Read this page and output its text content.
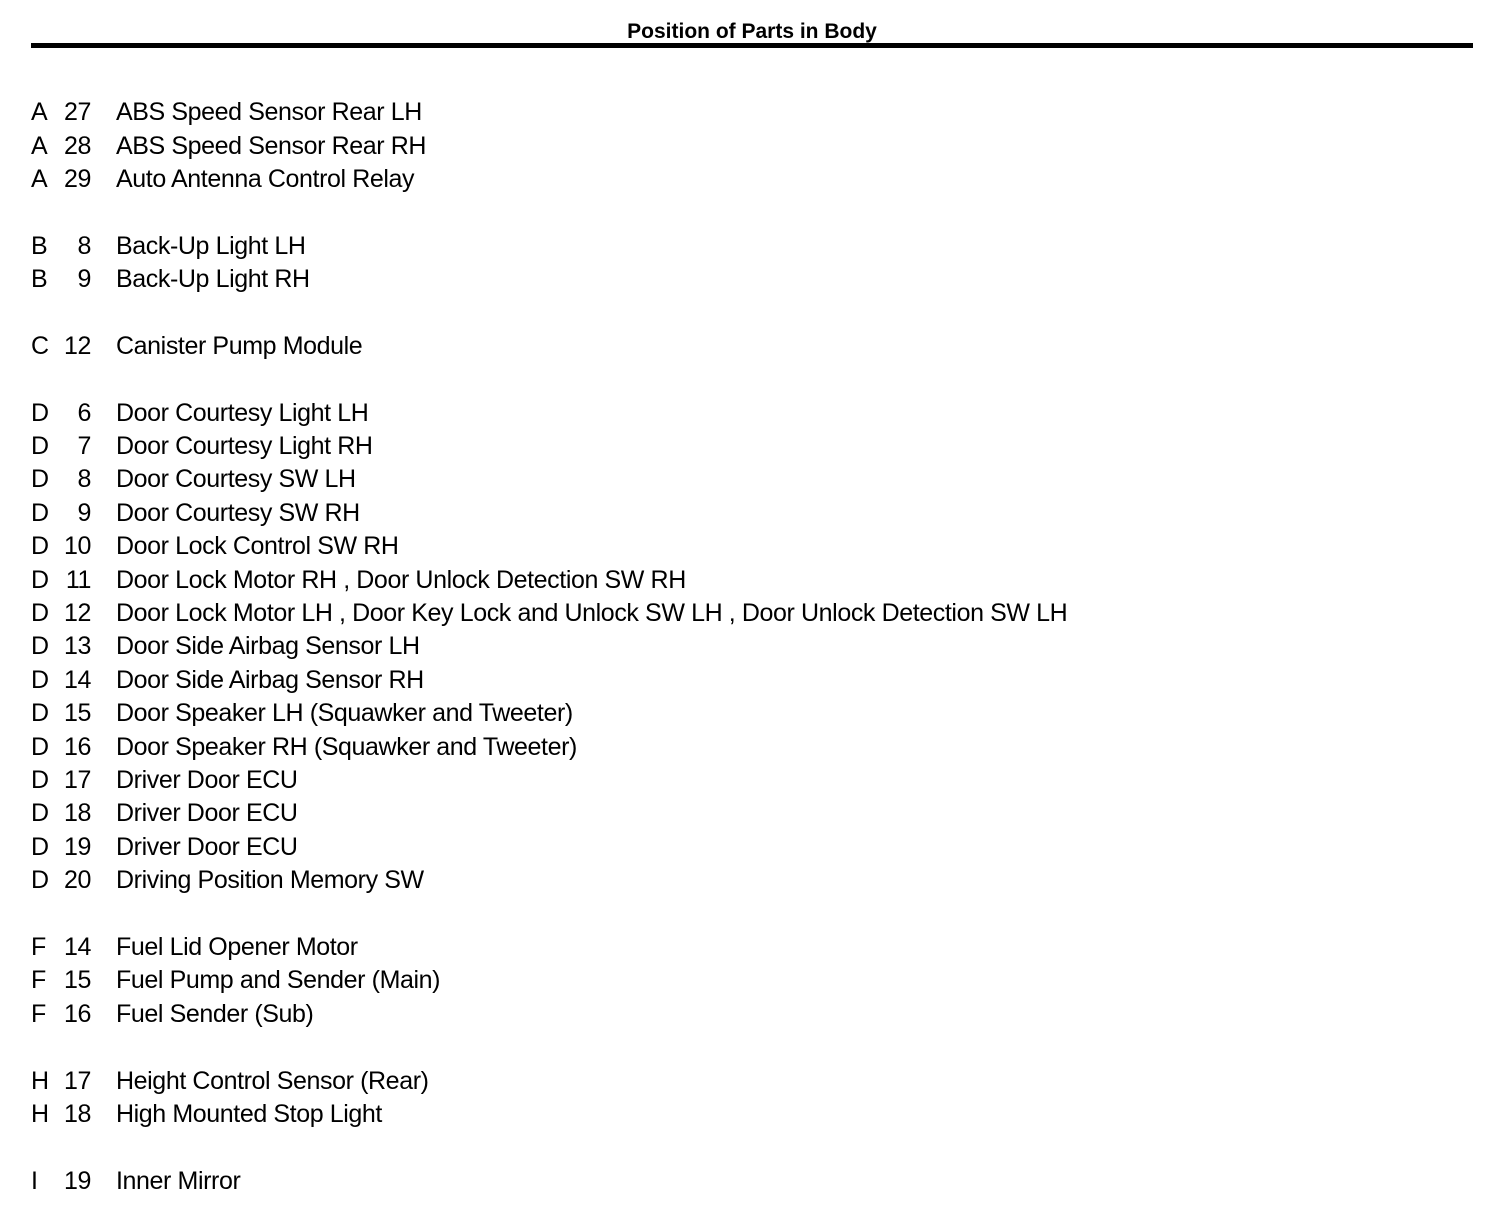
Position of Parts in Body
A 27 ABS Speed Sensor Rear LH
A 28 ABS Speed Sensor Rear RH
A 29 Auto Antenna Control Relay
B	8 Back-Up Light LH
B	9 Back-Up Light RH
C 12 Canister Pump Module
D	6 Door Courtesy Light LH
D	7 Door Courtesy Light RH
D	8 Door Courtesy SW LH
D	9 Door Courtesy SW RH
D 10 Door Lock Control SW RH
D 11 Door Lock Motor RH , Door Unlock Detection SW RH
D 12 Door Lock Motor LH , Door Key Lock and Unlock SW LH , Door Unlock Detection SW LH
D 13 Door Side Airbag Sensor LH
D 14 Door Side Airbag Sensor RH
D 15 Door Speaker LH (Squawker and Tweeter)
D 16 Door Speaker RH (Squawker and Tweeter)
D 17 Driver Door ECU
D 18 Driver Door ECU
D 19 Driver Door ECU
D 20 Driving Position Memory SW
F 14 Fuel Lid Opener Motor
F 15 Fuel Pump and Sender (Main)
F 16 Fuel Sender (Sub)
H 17 Height Control Sensor (Rear)
H 18 High Mounted Stop Light
I	19 Inner Mirror
